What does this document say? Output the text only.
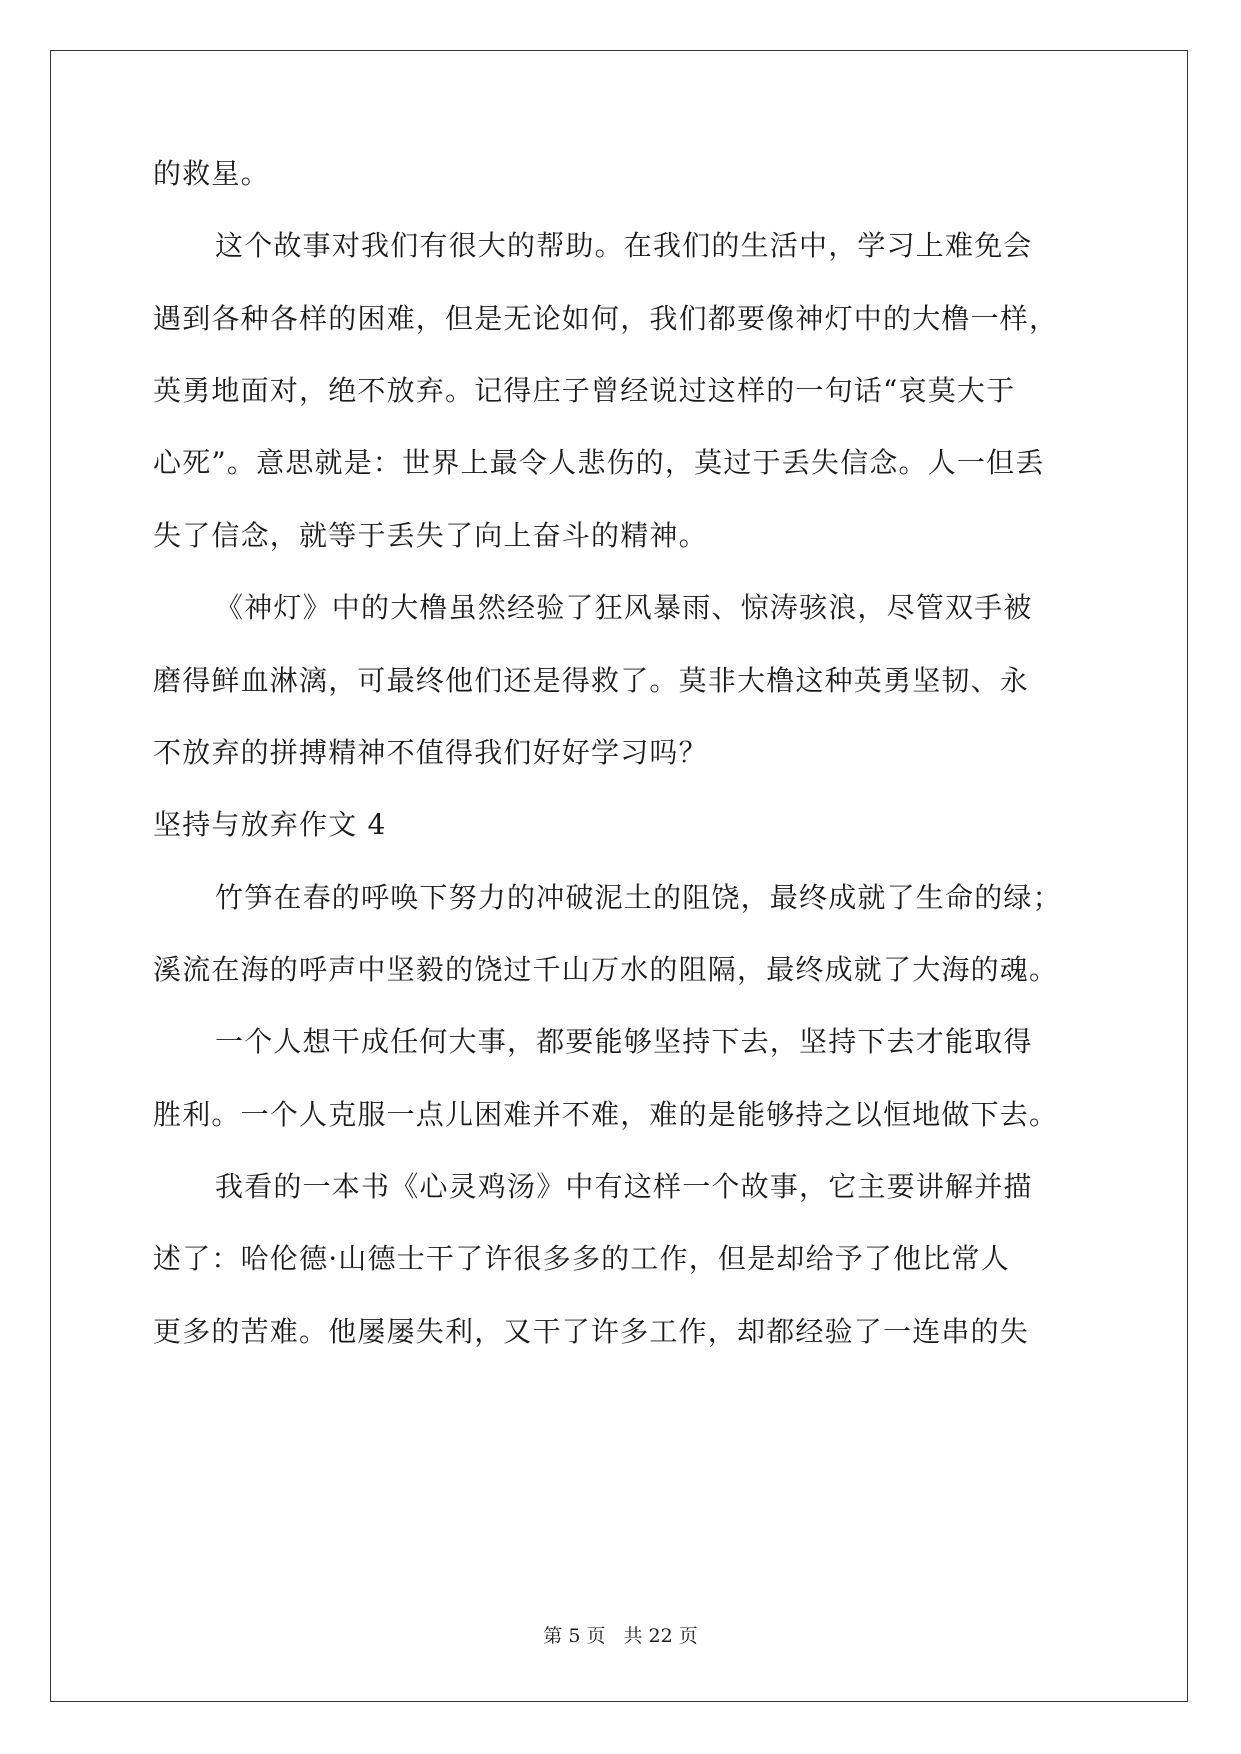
的救星。
这个故事对我们有很大的帮助。在我们的生活中，学习上难免会
遇到各种各样的困难，但是无论如何，我们都要像神灯中的大橹一样，
英勇地面对，绝不放弃。记得庄子曾经说过这样的一句话“哀莫大于
心死”。意思就是：世界上最令人悲伤的，莫过于丢失信念。人一但丢
失了信念，就等于丢失了向上奋斗的精神。
《神灯》中的大橹虽然经验了狂风暴雨、惊涛骇浪，尽管双手被
磨得鲜血淋漓，可最终他们还是得救了。莫非大橹这种英勇坚韧、永
不放弃的拼搏精神不值得我们好好学习吗？
坚持与放弃作文 4
竹笋在春的呼唤下努力的冲破泥土的阻饶，最终成就了生命的绿；
溪流在海的呼声中坚毅的饶过千山万水的阻隔，最终成就了大海的魂。
一个人想干成任何大事，都要能够坚持下去，坚持下去才能取得
胜利。一个人克服一点儿困难并不难，难的是能够持之以恒地做下去。
我看的一本书《心灵鸡汤》中有这样一个故事，它主要讲解并描
述了：哈伦德·山德士干了许很多多的工作，但是却给予了他比常人
更多的苦难。他屡屡失利，又干了许多工作，却都经验了一连串的失
第 5 页 共 22 页
